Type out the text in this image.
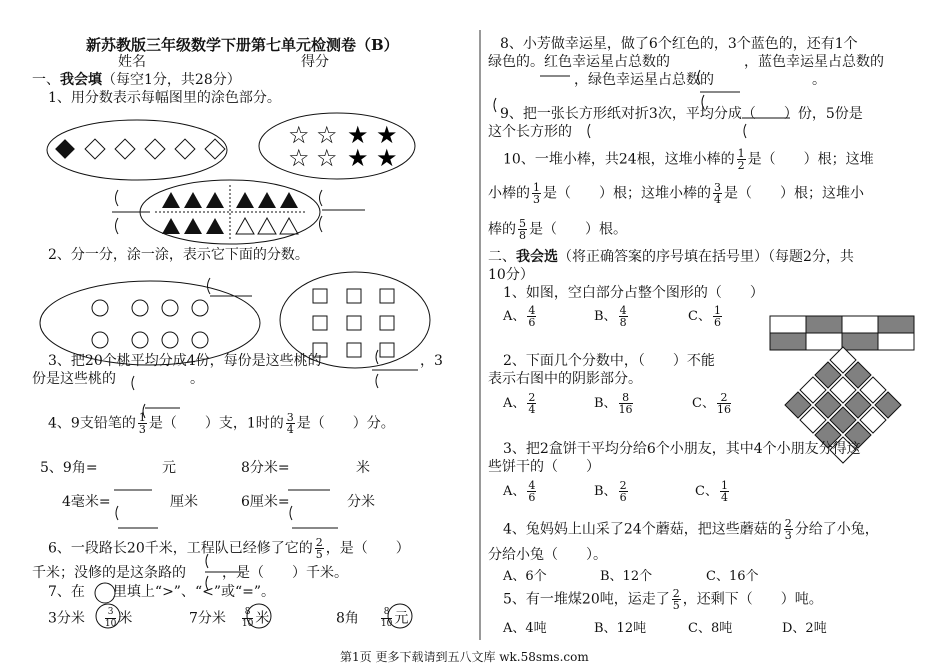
☆ ☆ ★ ★
☆ ☆ ★ ★
新苏教版三年级数学下册第七单元检测卷（B）
姓名	得分
一、我会填（每空1分，共28分）
1、用分数表示每幅图里的涂色部分。
2、分一分，涂一涂，表示它下面的分数。
3、把20个桃平均分成4份，每份是这些桃的	，3
份是这些桃的	。
4、9支铅笔的 $\frac{1}{3}$ 是（　　）支，1时的 $\frac{3}{4}$ 是（　　）分。
5、9角=	元	8分米=	米
4毫米=	厘米	6厘米=	分米
6、一段路长20千米，工程队已经修了它的 $\frac{2}{5}$ ，是（　　）
千米；没修的是这条路的	，是（　　）千米。
7、在　　里填上“>”、“<”或“=”。
3分米 $\frac{3}{10}$ 米	7分米 $\frac{8}{10}$ 米	8角 $\frac{8}{10}$ 元
8、小芳做幸运星，做了6个红色的，3个蓝色的，还有1个
绿色的。红色幸运星占总数的	，蓝色幸运星占总数的
，绿色幸运星占总数的	。
9、把一张长方形纸对折3次，平均分成（　　）份，5份是
这个长方形的
10、一堆小棒，共24根，这堆小棒的 $\frac{1}{2}$ 是（　　）根；这堆
小棒的 $\frac{1}{3}$ 是（　　）根；这堆小棒的 $\frac{3}{4}$ 是（　　）根；这堆小
棒的 $\frac{5}{8}$ 是（　　）根。
二、我会选（将正确答案的序号填在括号里）（每题2分，共
10分）
1、如图，空白部分占整个图形的（　　）
A、 $\frac{4}{6}$	B、 $\frac{4}{8}$	C、 $\frac{1}{6}$
2、下面几个分数中，（　　）不能
表示右图中的阴影部分。
A、 $\frac{2}{4}$	B、 $\frac{8}{16}$	C、 $\frac{2}{16}$
3、把2盒饼干平均分给6个小朋友，其中4个小朋友分得这
些饼干的（　　）
A、 $\frac{4}{6}$	B、 $\frac{2}{6}$	C、 $\frac{1}{4}$
4、兔妈妈上山采了24个蘑菇，把这些蘑菇的 $\frac{2}{3}$ 分给了小兔，
分给小兔（　　）。
A、6个	B、12个	C、16个
5、有一堆煤20吨，运走了 $\frac{2}{5}$ ，还剩下（　　）吨。
A、4吨	B、12吨	C、8吨	D、2吨
第1页 更多下载请到五八文库 wk.58sms.com
